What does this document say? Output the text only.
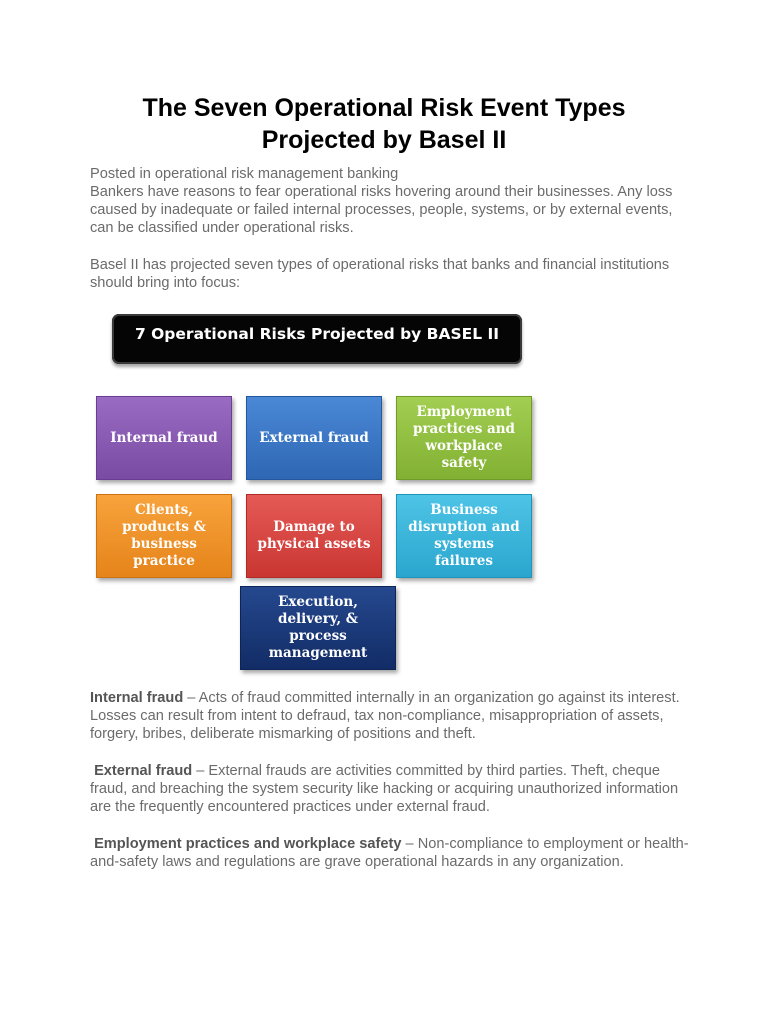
The Seven Operational Risk Event Types Projected by Basel II

Posted in operational risk management banking
Bankers have reasons to fear operational risks hovering around their businesses. Any loss caused by inadequate or failed internal processes, people, systems, or by external events, can be classified under operational risks.

Basel II has projected seven types of operational risks that banks and financial institutions should bring into focus:

7 Operational Risks Projected by BASEL II
Internal fraud	External fraud
Employment practices and workplace safety
Clients, products & business practice
Damage to physical assets
Business disruption and systems failures
Execution, delivery, & process management

Internal fraud – Acts of fraud committed internally in an organization go against its interest. Losses can result from intent to defraud, tax non-compliance, misappropriation of assets, forgery, bribes, deliberate mismarking of positions and theft.

External fraud – External frauds are activities committed by third parties. Theft, cheque fraud, and breaching the system security like hacking or acquiring unauthorized information are the frequently encountered practices under external fraud.

Employment practices and workplace safety – Non-compliance to employment or health-and-safety laws and regulations are grave operational hazards in any organization.
